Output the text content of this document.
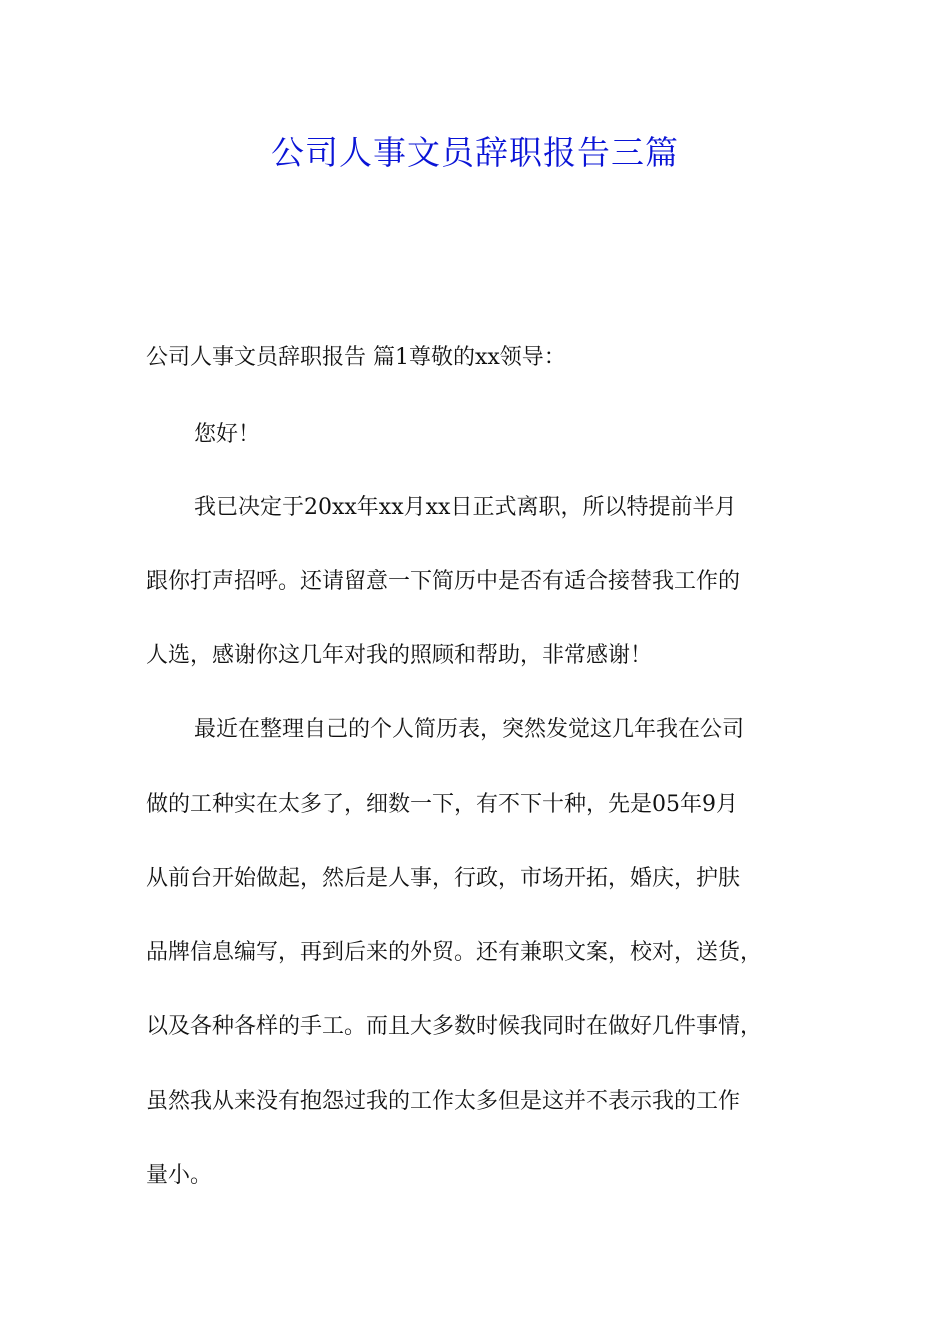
公司人事文员辞职报告三篇
公司人事文员辞职报告 篇1尊敬的xx领导：
您好！
我已决定于20xx年xx月xx日正式离职，所以特提前半月
跟你打声招呼。还请留意一下简历中是否有适合接替我工作的
人选，感谢你这几年对我的照顾和帮助，非常感谢！
最近在整理自己的个人简历表，突然发觉这几年我在公司
做的工种实在太多了，细数一下，有不下十种，先是05年9月
从前台开始做起，然后是人事，行政，市场开拓，婚庆，护肤
品牌信息编写，再到后来的外贸。还有兼职文案，校对，送货，
以及各种各样的手工。而且大多数时候我同时在做好几件事情，
虽然我从来没有抱怨过我的工作太多但是这并不表示我的工作
量小。
